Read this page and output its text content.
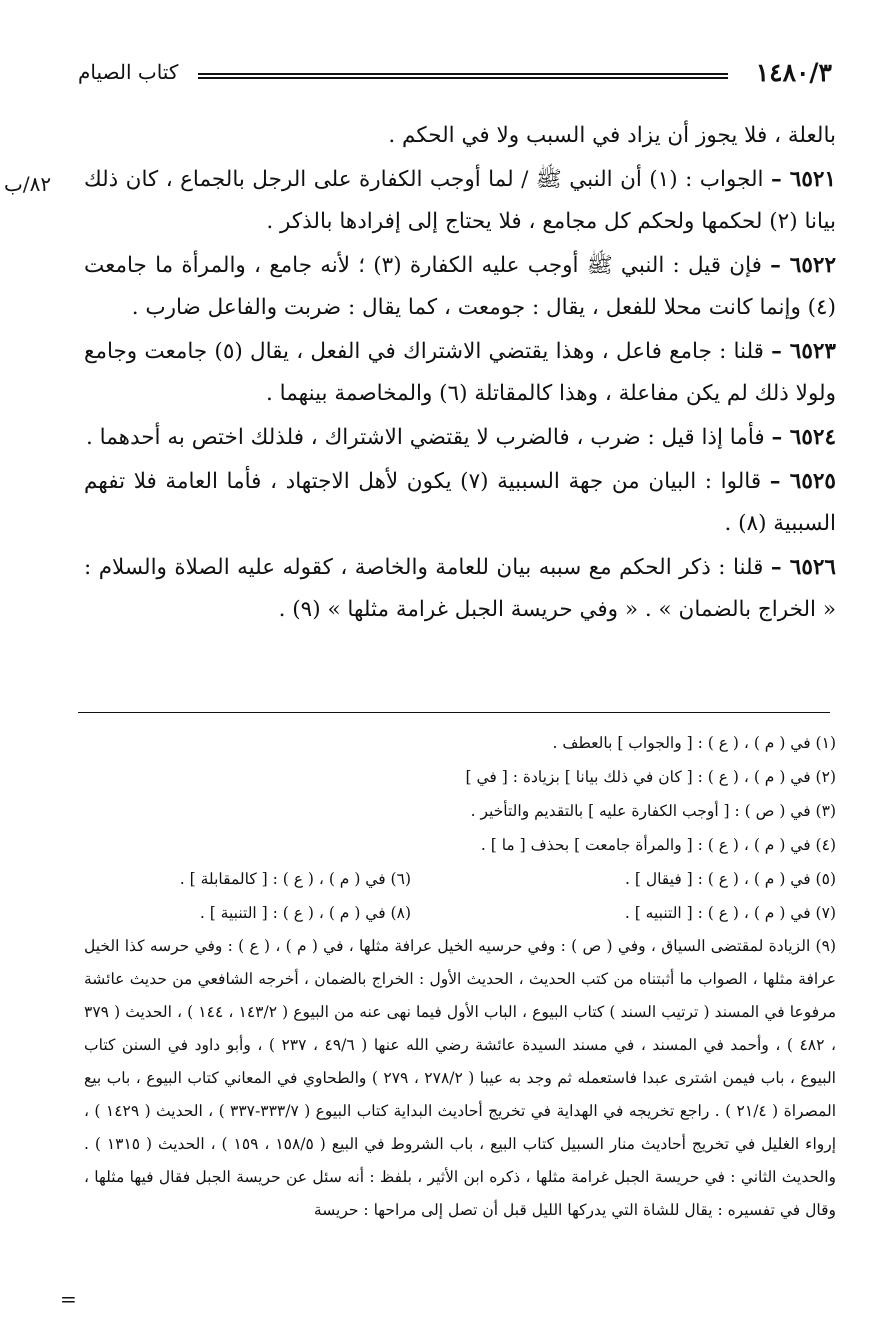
١٤٨٠/٣
كتاب الصيام
٨٢/ب

بالعلة ، فلا يجوز أن يزاد في السبب ولا في الحكم .

٦٥٢١ – الجواب : (١) أن النبي ﷺ / لما أوجب الكفارة على الرجل بالجماع ، كان ذلك بيانا (٢) لحكمها ولحكم كل مجامع ، فلا يحتاج إلى إفرادها بالذكر .

٦٥٢٢ – فإن قيل : النبي ﷺ أوجب عليه الكفارة (٣) ؛ لأنه جامع ، والمرأة ما جامعت (٤) وإنما كانت محلا للفعل ، يقال : جومعت ، كما يقال : ضربت والفاعل ضارب .

٦٥٢٣ – قلنا : جامع فاعل ، وهذا يقتضي الاشتراك في الفعل ، يقال (٥) جامعت وجامع ولولا ذلك لم يكن مفاعلة ، وهذا كالمقاتلة (٦) والمخاصمة بينهما .

٦٥٢٤ – فأما إذا قيل : ضرب ، فالضرب لا يقتضي الاشتراك ، فلذلك اختص به أحدهما .

٦٥٢٥ – قالوا : البيان من جهة السببية (٧) يكون لأهل الاجتهاد ، فأما العامة فلا تفهم السببية (٨) .

٦٥٢٦ – قلنا : ذكر الحكم مع سببه بيان للعامة والخاصة ، كقوله عليه الصلاة والسلام : « الخراج بالضمان » . « وفي حريسة الجبل غرامة مثلها » (٩) .

(١) في ( م ) ، ( ع ) : [ والجواب ] بالعطف .
(٢) في ( م ) ، ( ع ) : [ كان في ذلك بيانا ] بزيادة : [ في ]
(٣) في ( ص ) : [ أوجب الكفارة عليه ] بالتقديم والتأخير .
(٤) في ( م ) ، ( ع ) : [ والمرأة جامعت ] بحذف [ ما ] .
(٥) في ( م ) ، ( ع ) : [ فيقال ] .
(٦) في ( م ) ، ( ع ) : [ كالمقابلة ] .
(٧) في ( م ) ، ( ع ) : [ التنبيه ] .
(٨) في ( م ) ، ( ع ) : [ التنبية ] .
(٩) الزيادة لمقتضى السياق ، وفي ( ص ) : وفي حرسيه الخيل عرافة مثلها ، في ( م ) ، ( ع ) : وفي حرسه كذا الخيل عرافة مثلها ، الصواب ما أثبتناه من كتب الحديث ، الحديث الأول : الخراج بالضمان ، أخرجه الشافعي من حديث عائشة مرفوعا في المسند ( ترتيب السند ) كتاب البيوع ، الباب الأول فيما نهى عنه من البيوع ( ١٤٣/٢ ، ١٤٤ ) ، الحديث ( ٣٧٩ ، ٤٨٢ ) ، وأحمد في المسند ، في مسند السيدة عائشة رضي الله عنها ( ٤٩/٦ ، ٢٣٧ ) ، وأبو داود في السنن كتاب البيوع ، باب فيمن اشترى عبدا فاستعمله ثم وجد به عيبا ( ٢٧٨/٢ ، ٢٧٩ ) والطحاوي في المعاني كتاب البيوع ، باب بيع المصراة ( ٢١/٤ ) . راجع تخريجه في الهداية في تخريج أحاديث البداية كتاب البيوع ( ٣٣٣/٧-٣٣٧ ) ، الحديث ( ١٤٢٩ ) ، إرواء الغليل في تخريج أحاديث منار السبيل كتاب البيع ، باب الشروط في البيع ( ١٥٨/٥ ، ١٥٩ ) ، الحديث ( ١٣١٥ ) . والحديث الثاني : في حريسة الجبل غرامة مثلها ، ذكره ابن الأثير ، بلفظ : أنه سئل عن حريسة الجبل فقال فيها مثلها ، وقال في تفسيره : يقال للشاة التي يدركها الليل قبل أن تصل إلى مراحها : حريسة
=
